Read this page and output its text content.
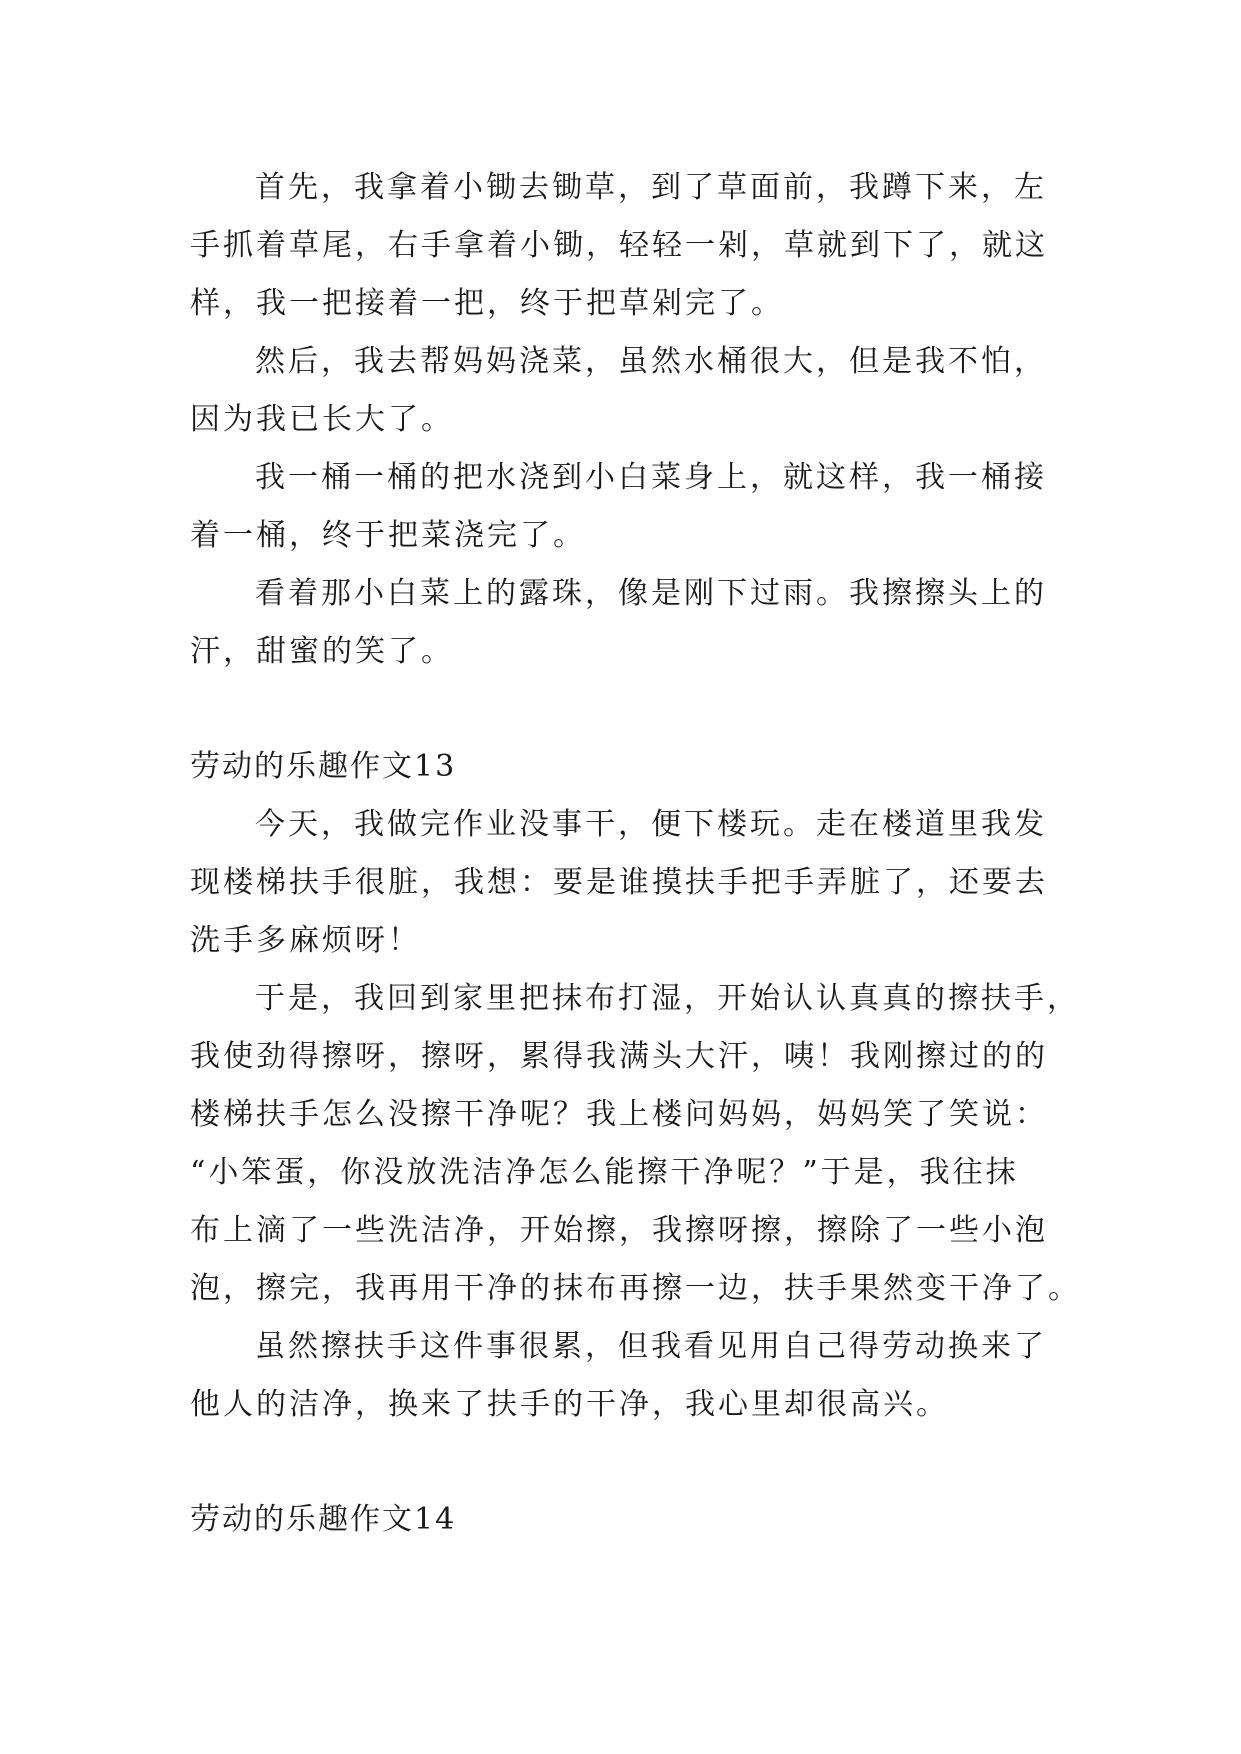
首先，我拿着小锄去锄草，到了草面前，我蹲下来，左
手抓着草尾，右手拿着小锄，轻轻一剁，草就到下了，就这
样，我一把接着一把，终于把草剁完了。
然后，我去帮妈妈浇菜，虽然水桶很大，但是我不怕，
因为我已长大了。
我一桶一桶的把水浇到小白菜身上，就这样，我一桶接
着一桶，终于把菜浇完了。
看着那小白菜上的露珠，像是刚下过雨。我擦擦头上的
汗，甜蜜的笑了。
劳动的乐趣作文13
今天，我做完作业没事干，便下楼玩。走在楼道里我发
现楼梯扶手很脏，我想：要是谁摸扶手把手弄脏了，还要去
洗手多麻烦呀！
于是，我回到家里把抹布打湿，开始认认真真的擦扶手，
我使劲得擦呀，擦呀，累得我满头大汗，咦！我刚擦过的的
楼梯扶手怎么没擦干净呢？我上楼问妈妈，妈妈笑了笑说：
“小笨蛋，你没放洗洁净怎么能擦干净呢？”于是，我往抹
布上滴了一些洗洁净，开始擦，我擦呀擦，擦除了一些小泡
泡，擦完，我再用干净的抹布再擦一边，扶手果然变干净了。
虽然擦扶手这件事很累，但我看见用自己得劳动换来了
他人的洁净，换来了扶手的干净，我心里却很高兴。
劳动的乐趣作文14
